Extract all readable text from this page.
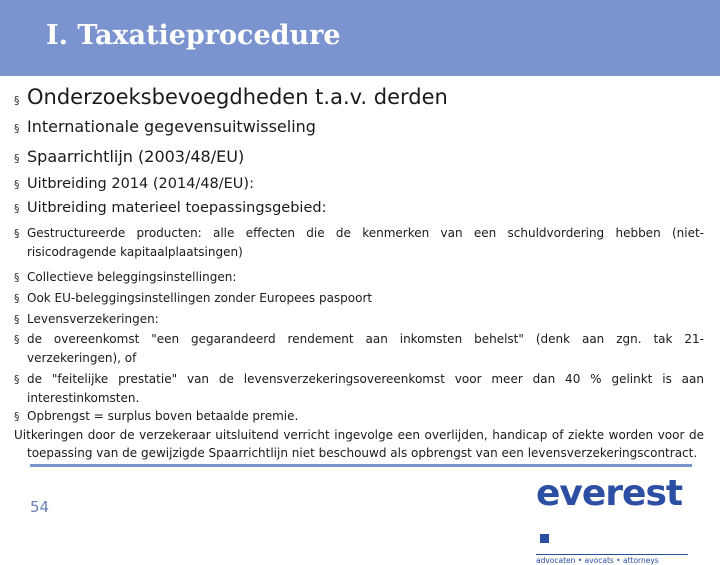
I. Taxatieprocedure
§ Onderzoeksbevoegdheden t.a.v. derden
§ Internationale gegevensuitwisseling
§ Spaarrichtlijn (2003/48/EU)
§ Uitbreiding 2014 (2014/48/EU):
§ Uitbreiding materieel toepassingsgebied:
§ Gestructureerde producten: alle effecten die de kenmerken van een schuldvordering hebben (niet-
risicodragende kapitaalplaatsingen)
§ Collectieve beleggingsinstellingen:
§ Ook EU-beleggingsinstellingen zonder Europees paspoort
§ Levensverzekeringen:
§ de overeenkomst "een gegarandeerd rendement aan inkomsten behelst" (denk aan zgn. tak 21-
verzekeringen), of
§ de "feitelijke prestatie" van de levensverzekeringsovereenkomst voor meer dan 40 % gelinkt is aan
interestinkomsten.
§ Opbrengst = surplus boven betaalde premie.
Uitkeringen door de verzekeraar uitsluitend verricht ingevolge een overlijden, handicap of ziekte worden voor de
toepassing van de gewijzigde Spaarrichtlijn niet beschouwd als opbrengst van een levensverzekeringscontract.
54	everest
advocaten • avocats • attorneys
